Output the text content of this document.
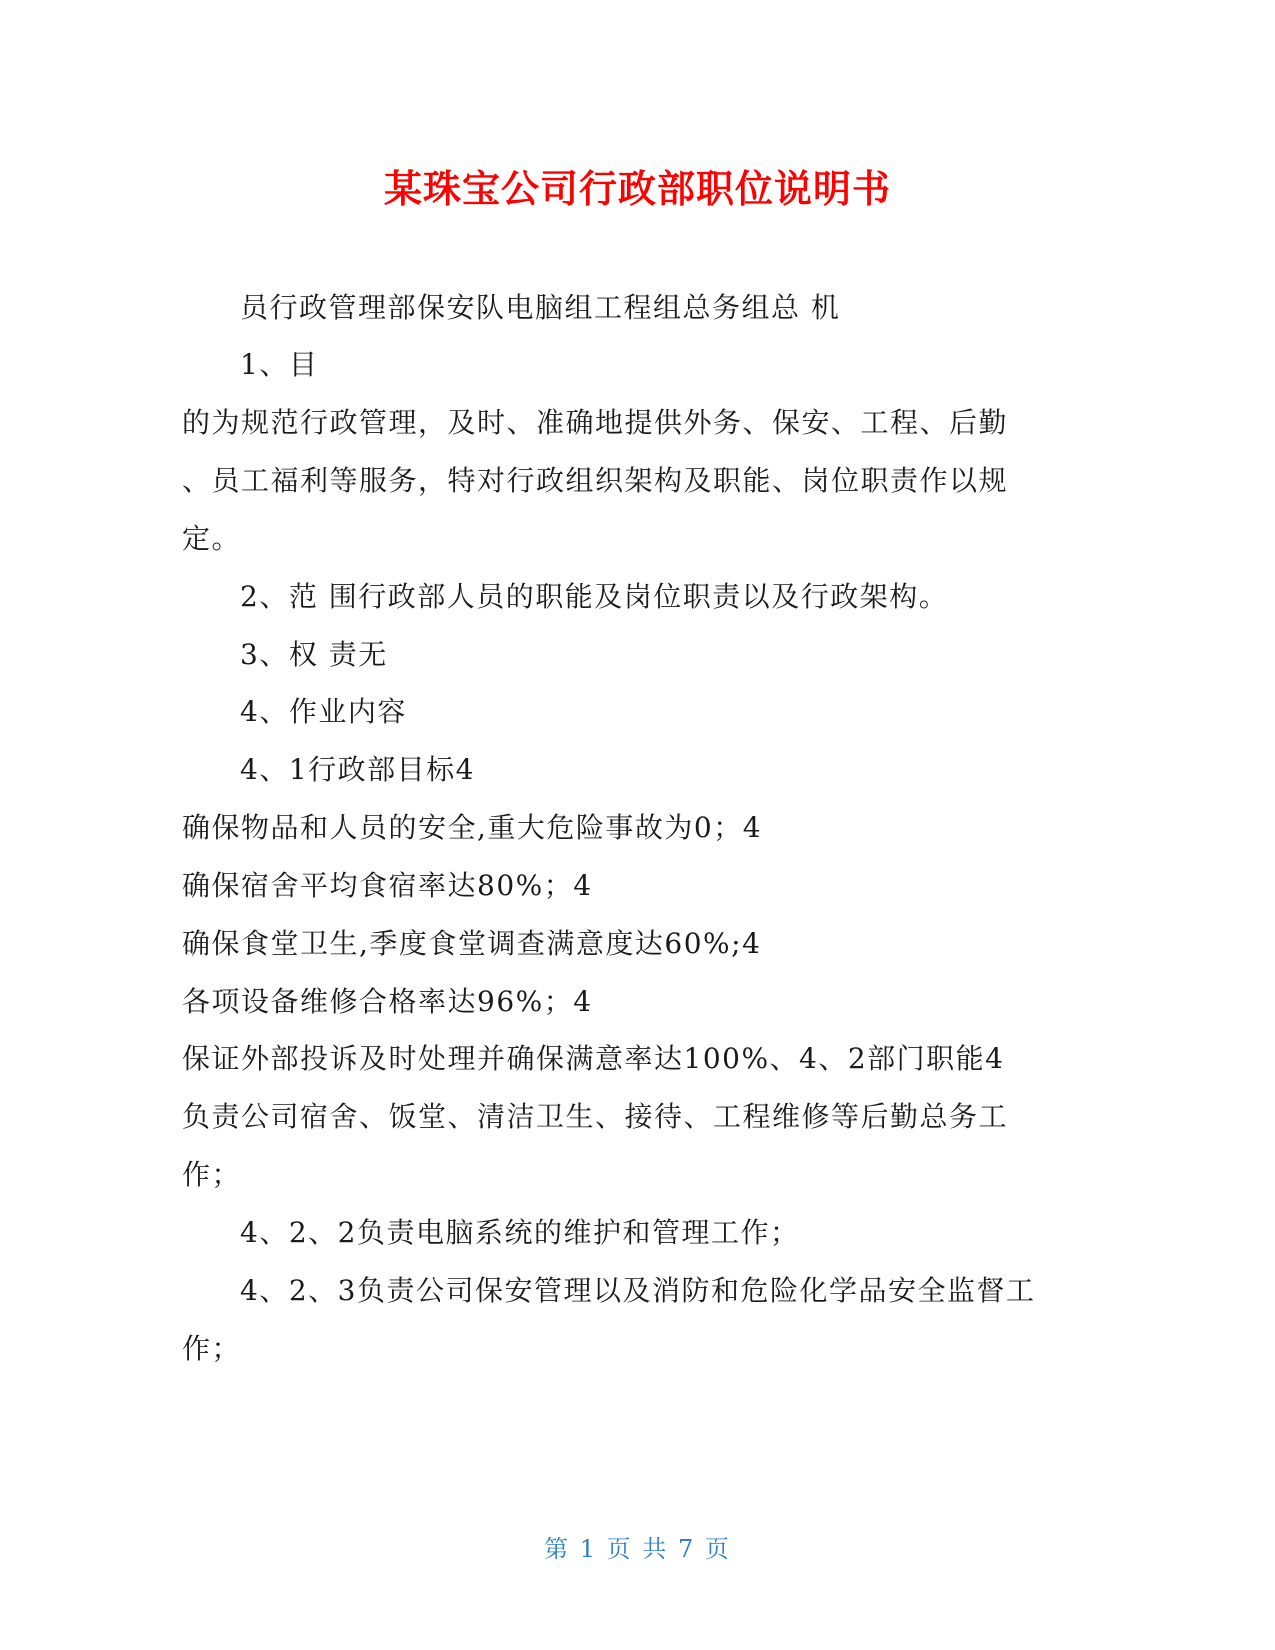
某珠宝公司行政部职位说明书
员行政管理部保安队电脑组工程组总务组总 机
1、目
的为规范行政管理，及时、准确地提供外务、保安、工程、后勤
、员工福利等服务，特对行政组织架构及职能、岗位职责作以规
定。
2、范 围行政部人员的职能及岗位职责以及行政架构。
3、权 责无
4、作业内容
4、1行政部目标4
确保物品和人员的安全,重大危险事故为0；4
确保宿舍平均食宿率达80%；4
确保食堂卫生,季度食堂调查满意度达60%;4
各项设备维修合格率达96%；4
保证外部投诉及时处理并确保满意率达100%、4、2部门职能4
负责公司宿舍、饭堂、清洁卫生、接待、工程维修等后勤总务工
作；
4、2、2负责电脑系统的维护和管理工作；
4、2、3负责公司保安管理以及消防和危险化学品安全监督工
作；
第 1 页 共 7 页
